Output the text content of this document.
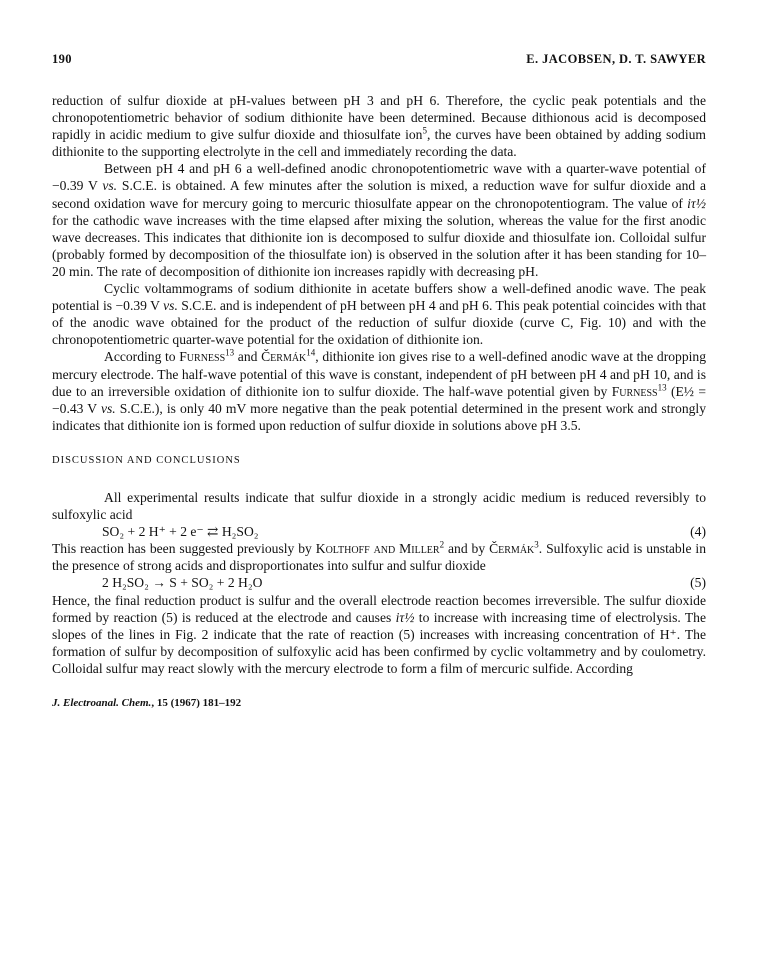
190	E. JACOBSEN, D. T. SAWYER

reduction of sulfur dioxide at pH-values between pH 3 and pH 6. Therefore, the cyclic peak potentials and the chronopotentiometric behavior of sodium dithionite have been determined. Because dithionous acid is decomposed rapidly in acidic medium to give sulfur dioxide and thiosulfate ion$^5$, the curves have been obtained by adding sodium dithionite to the supporting electrolyte in the cell and immediately recording the data.

Between pH 4 and pH 6 a well-defined anodic chronopotentiometric wave with a quarter-wave potential of −0.39 V vs. S.C.E. is obtained. A few minutes after the solution is mixed, a reduction wave for sulfur dioxide and a second oxidation wave for mercury going to mercuric thiosulfate appear on the chronopotentiogram. The value of iτ½ for the cathodic wave increases with the time elapsed after mixing the solution, whereas the value for the first anodic wave decreases. This indicates that dithionite ion is decomposed to sulfur dioxide and thiosulfate ion. Colloidal sulfur (probably formed by decomposition of the thiosulfate ion) is observed in the solution after it has been standing for 10–20 min. The rate of decomposition of dithionite ion increases rapidly with decreasing pH.

Cyclic voltammograms of sodium dithionite in acetate buffers show a well-defined anodic wave. The peak potential is −0.39 V vs. S.C.E. and is independent of pH between pH 4 and pH 6. This peak potential coincides with that of the anodic wave obtained for the product of the reduction of sulfur dioxide (curve C, Fig. 10) and with the chronopotentiometric quarter-wave potential for the oxidation of dithionite ion.

According to Furness$^{13}$ and Čermák$^{14}$, dithionite ion gives rise to a well-defined anodic wave at the dropping mercury electrode. The half-wave potential of this wave is constant, independent of pH between pH 4 and pH 10, and is due to an irreversible oxidation of dithionite ion to sulfur dioxide. The half-wave potential given by Furness$^{13}$ (E½ = −0.43 V vs. S.C.E.), is only 40 mV more negative than the peak potential determined in the present work and strongly indicates that dithionite ion is formed upon reduction of sulfur dioxide in solutions above pH 3.5.

DISCUSSION AND CONCLUSIONS

All experimental results indicate that sulfur dioxide in a strongly acidic medium is reduced reversibly to sulfoxylic acid

SO₂ + 2 H⁺ + 2 e⁻ ⇄ H₂SO₂	(4)

This reaction has been suggested previously by Kolthoff and Miller$^2$ and by Čermák$^3$. Sulfoxylic acid is unstable in the presence of strong acids and disproportionates into sulfur and sulfur dioxide

2 H₂SO₂ → S + SO₂ + 2 H₂O	(5)

Hence, the final reduction product is sulfur and the overall electrode reaction becomes irreversible. The sulfur dioxide formed by reaction (5) is reduced at the electrode and causes iτ½ to increase with increasing time of electrolysis. The slopes of the lines in Fig. 2 indicate that the rate of reaction (5) increases with increasing concentration of H⁺. The formation of sulfur by decomposition of sulfoxylic acid has been confirmed by cyclic voltammetry and by coulometry. Colloidal sulfur may react slowly with the mercury electrode to form a film of mercuric sulfide. According

J. Electroanal. Chem., 15 (1967) 181–192
